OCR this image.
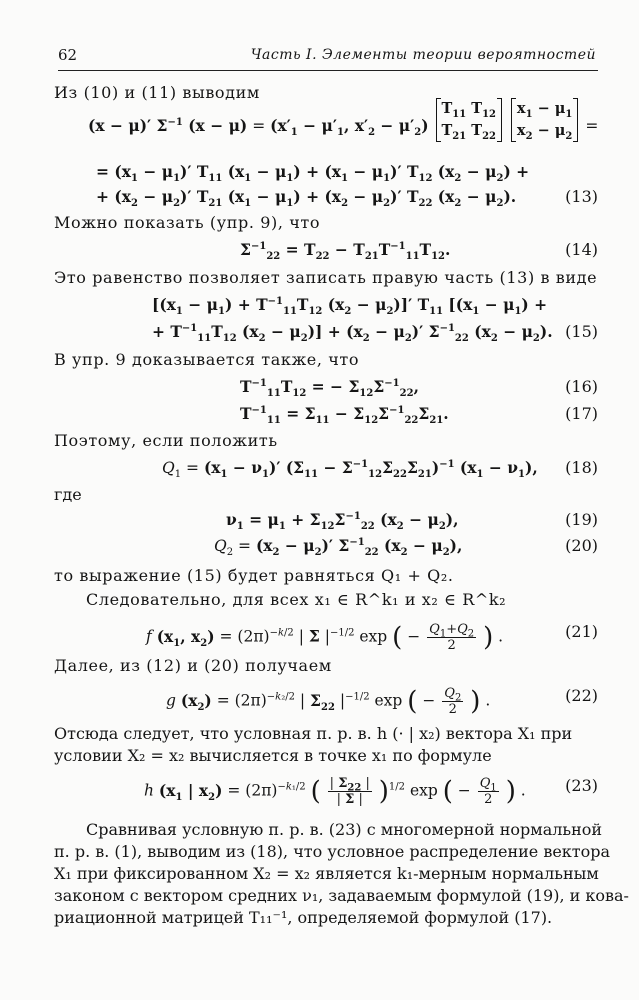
62	Часть I. Элементы теории вероятностей
Из (10) и (11) выводим
(x − μ)′ $\Sigma^{-1}$ $(x - \mu) = (x'_1 - \mu'_1$, $x'_2 - \mu'_2$)
$T_{11}$ $T_{12}$
$T_{21}$ $T_{22}$

$x_1 - \mu_1$
$x_2 - \mu_2$
=
= $(x_1 - \mu_1)'$ $T_{11}$ $(x_1 - \mu_1) + (x_1 - \mu_1)'$ $T_{12}$ $(x_2 - \mu_2)$ +
+ $(x_2 - \mu_2)'$ $T_{21}$ $(x_1 - \mu_1) + (x_2 - \mu_2)'$ $T_{22}$ $(x_2 - \mu_2)$.	(13)
Можно показать (упр. 9), что
$\Sigma^{-1}_{22} = T_{22} - T_{21}T^{-1}_{11}T_{12}$.	(14)
Это равенство позволяет записать правую часть (13) в виде
[$(x_1 - \mu_1) + T^{-1}_{11}T_{12}$ $(x_2 - \mu_2)]'$ $T_{11}$ [$(x_1 - \mu_1)$ +
+ $T^{-1}_{11}T_{12}$ $(x_2 - \mu_2)] + (x_2 - \mu_2)'$ $\Sigma^{-1}_{22}$ $(x_2 - \mu_2)$. (15)
В упр. 9 доказывается также, что
$T^{-1}_{11}T_{12}$ = − $\Sigma_{12}\Sigma^{-1}_{22}$,	(16)
$T^{-1}_{11} = \Sigma_{11} - \Sigma_{12}\Sigma^{-1}_{22}\Sigma_{21}$.	(17)
Поэтому, если положить
$Q_1 = (x_1 - \nu_1)'$ $(\Sigma_{11} - \Sigma^{-1}_{12}\Sigma_{22}\Sigma_{21})^{-1}$ $(x_1 - \nu_1)$,	(18)
где
$\nu_1 = \mu_1 + \Sigma_{12}\Sigma^{-1}_{22}$ $(x_2 - \mu_2)$,	(19)
$Q_2 = (x_2 - \mu_2)'$ $\Sigma^{-1}_{22}$ $(x_2 - \mu_2)$,	(20)
то выражение (15) будет равняться Q₁ + Q₂.
Следовательно, для всех x₁ ∈ R^k₁ и x₂ ∈ R^k₂
f ($x_1$, $x_2) = (2\pi)^{-k/2}$ | Σ $|^{-1/2}$ exp ( − $\frac{Q_1+Q_2}{2}$ ) .	(21)
Далее, из (12) и (20) получаем
g $(x_2) = (2\pi)^{-k_2/2}$ | $\Sigma_{22}$ $|^{-1/2}$ exp ( − $\frac{Q_2}{2}$ ) .	(22)
Отсюда следует, что условная п. р. в. h (· | x₂) вектора X₁ при
условии X₂ = x₂ вычисляется в точке x₁ по формуле
h ($x_1$ | $x_2) = (2\pi)^{-k_1/2}$ ( $\frac{| \Sigma_{22} |}{| \Sigma |} )^{1/2}$ exp ( − $\frac{Q_1}{2}$ ) .	(23)
Сравнивая условную п. р. в. (23) с многомерной нормальной
п. р. в. (1), выводим из (18), что условное распределение вектора
X₁ при фиксированном X₂ = x₂ является k₁-мерным нормальным
законом с вектором средних ν₁, задаваемым формулой (19), и кова-
риационной матрицей T₁₁⁻¹, определяемой формулой (17).
